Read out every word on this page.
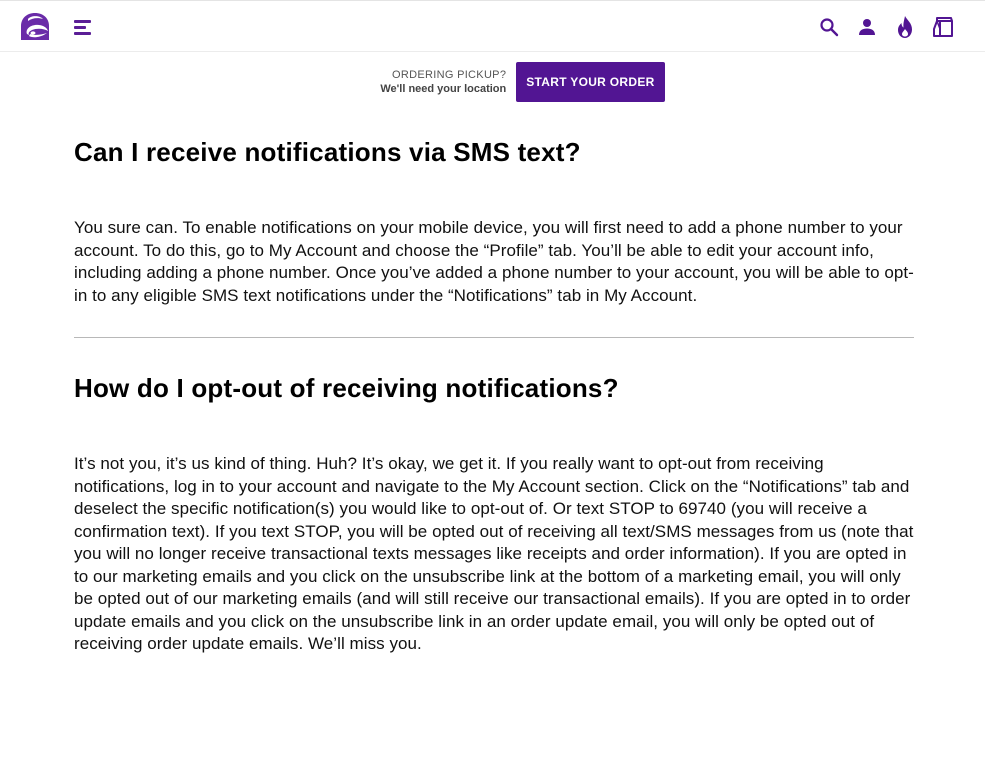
ORDERING PICKUP?
We'll need your location	START YOUR ORDER
Can I receive notifications via SMS text?

You sure can. To enable notifications on your mobile device, you will first need to add a phone number to your account. To do this, go to My Account and choose the “Profile” tab. You’ll be able to edit your account info, including adding a phone number. Once you’ve added a phone number to your account, you will be able to opt-in to any eligible SMS text notifications under the “Notifications” tab in My Account.

How do I opt-out of receiving notifications?

It’s not you, it’s us kind of thing. Huh? It’s okay, we get it. If you really want to opt-out from receiving notifications, log in to your account and navigate to the My Account section. Click on the “Notifications” tab and deselect the specific notification(s) you would like to opt-out of. Or text STOP to 69740 (you will receive a confirmation text). If you text STOP, you will be opted out of receiving all text/SMS messages from us (note that you will no longer receive transactional texts messages like receipts and order information). If you are opted in to our marketing emails and you click on the unsubscribe link at the bottom of a marketing email, you will only be opted out of our marketing emails (and will still receive our transactional emails). If you are opted in to order update emails and you click on the unsubscribe link in an order update email, you will only be opted out of receiving order update emails. We’ll miss you.
